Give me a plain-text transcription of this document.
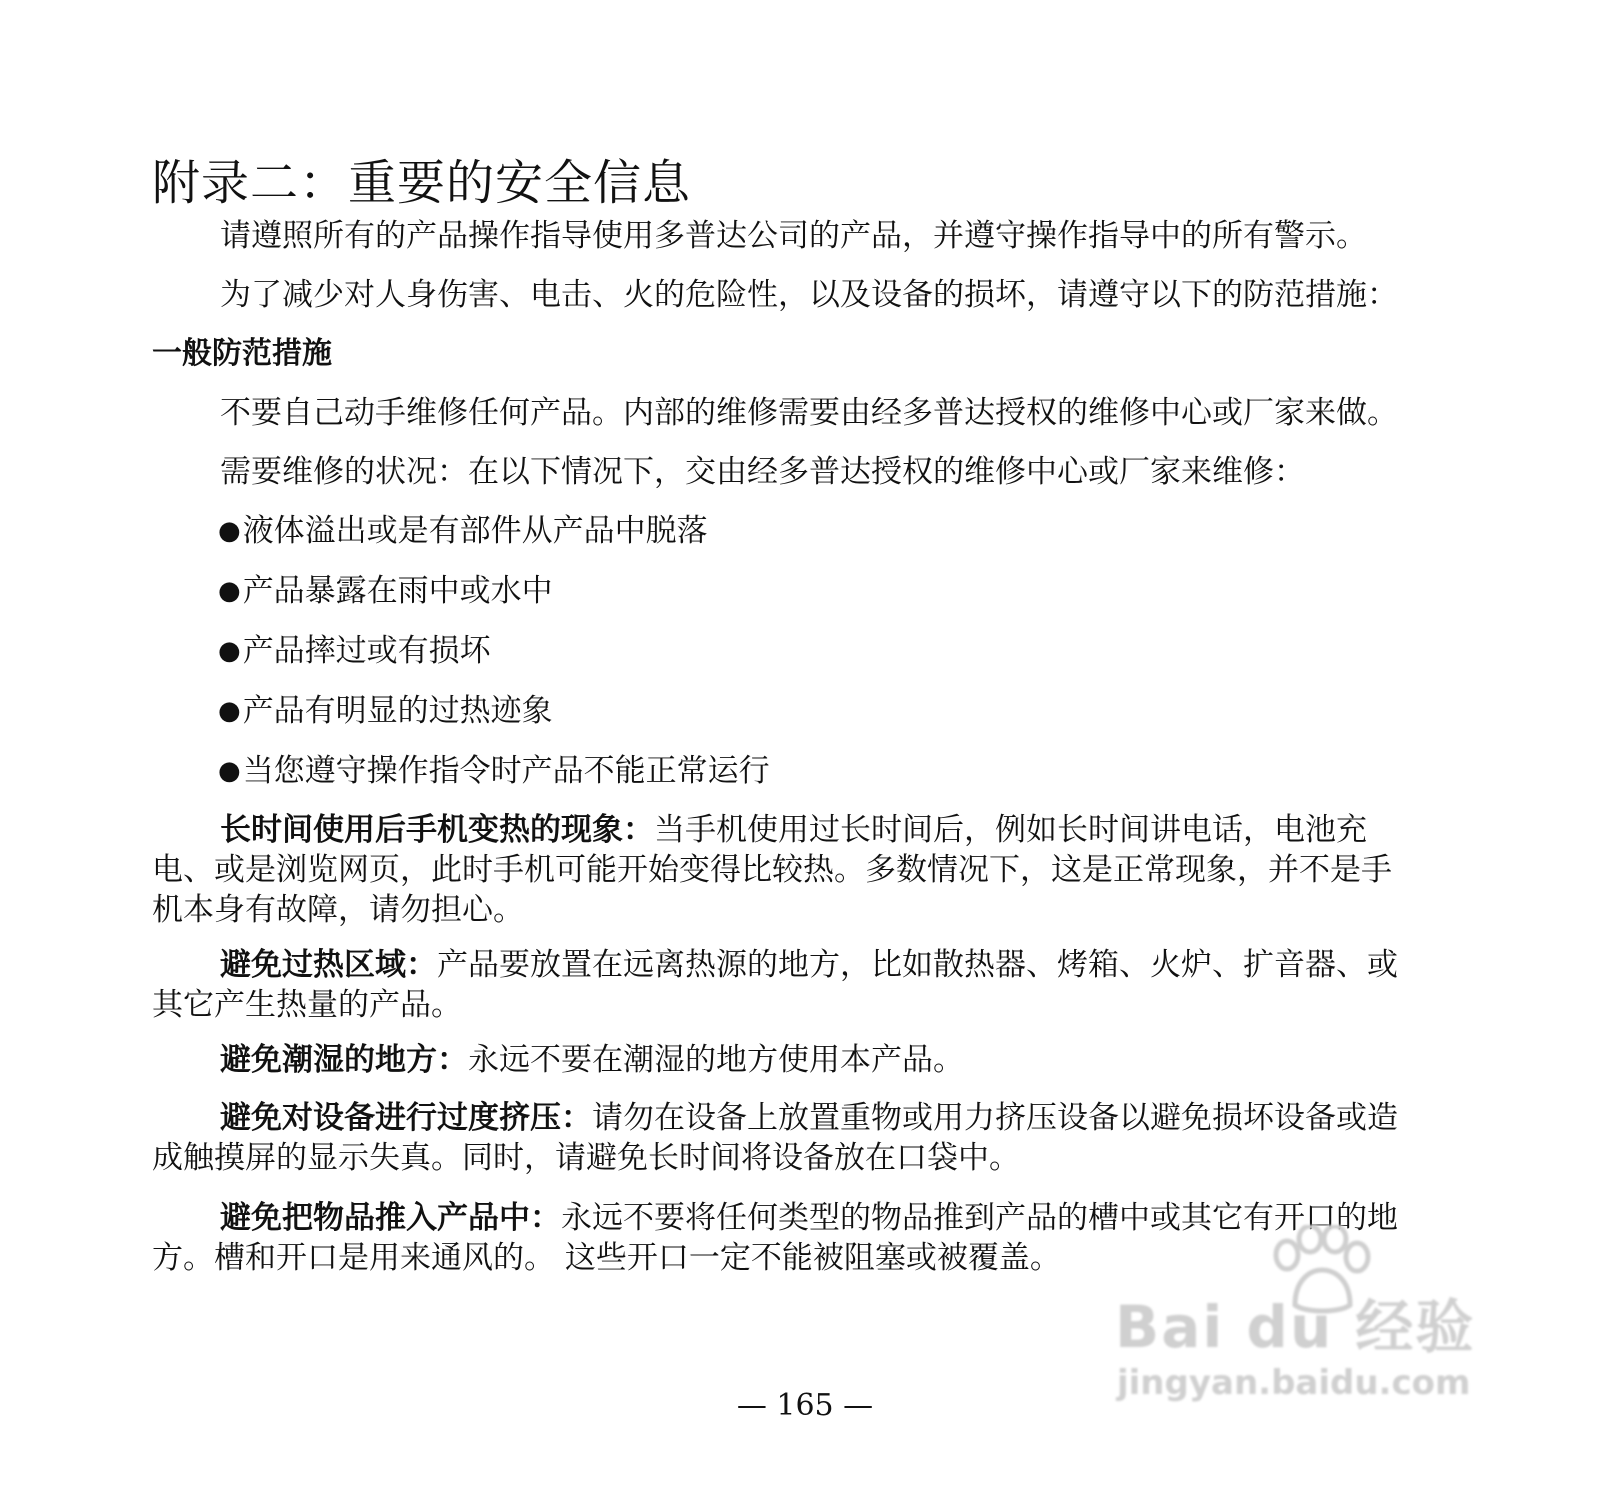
附录二：重要的安全信息

请遵照所有的产品操作指导使用多普达公司的产品，并遵守操作指导中的所有警示。

为了减少对人身伤害、电击、火的危险性，以及设备的损坏，请遵守以下的防范措施：

一般防范措施

不要自己动手维修任何产品。内部的维修需要由经多普达授权的维修中心或厂家来做。

需要维修的状况：在以下情况下，交由经多普达授权的维修中心或厂家来维修：

●液体溢出或是有部件从产品中脱落

●产品暴露在雨中或水中

●产品摔过或有损坏

●产品有明显的过热迹象

●当您遵守操作指令时产品不能正常运行

长时间使用后手机变热的现象：当手机使用过长时间后，例如长时间讲电话，电池充电、或是浏览网页，此时手机可能开始变得比较热。多数情况下，这是正常现象，并不是手机本身有故障，请勿担心。

避免过热区域：产品要放置在远离热源的地方，比如散热器、烤箱、火炉、扩音器、或其它产生热量的产品。

避免潮湿的地方：永远不要在潮湿的地方使用本产品。

避免对设备进行过度挤压：请勿在设备上放置重物或用力挤压设备以避免损坏设备或造成触摸屏的显示失真。同时，请避免长时间将设备放在口袋中。

避免把物品推入产品中：永远不要将任何类型的物品推到产品的槽中或其它有开口的地方。槽和开口是用来通风的。 这些开口一定不能被阻塞或被覆盖。

— 165 —
Bai du 经验
jingyan.baidu.com
